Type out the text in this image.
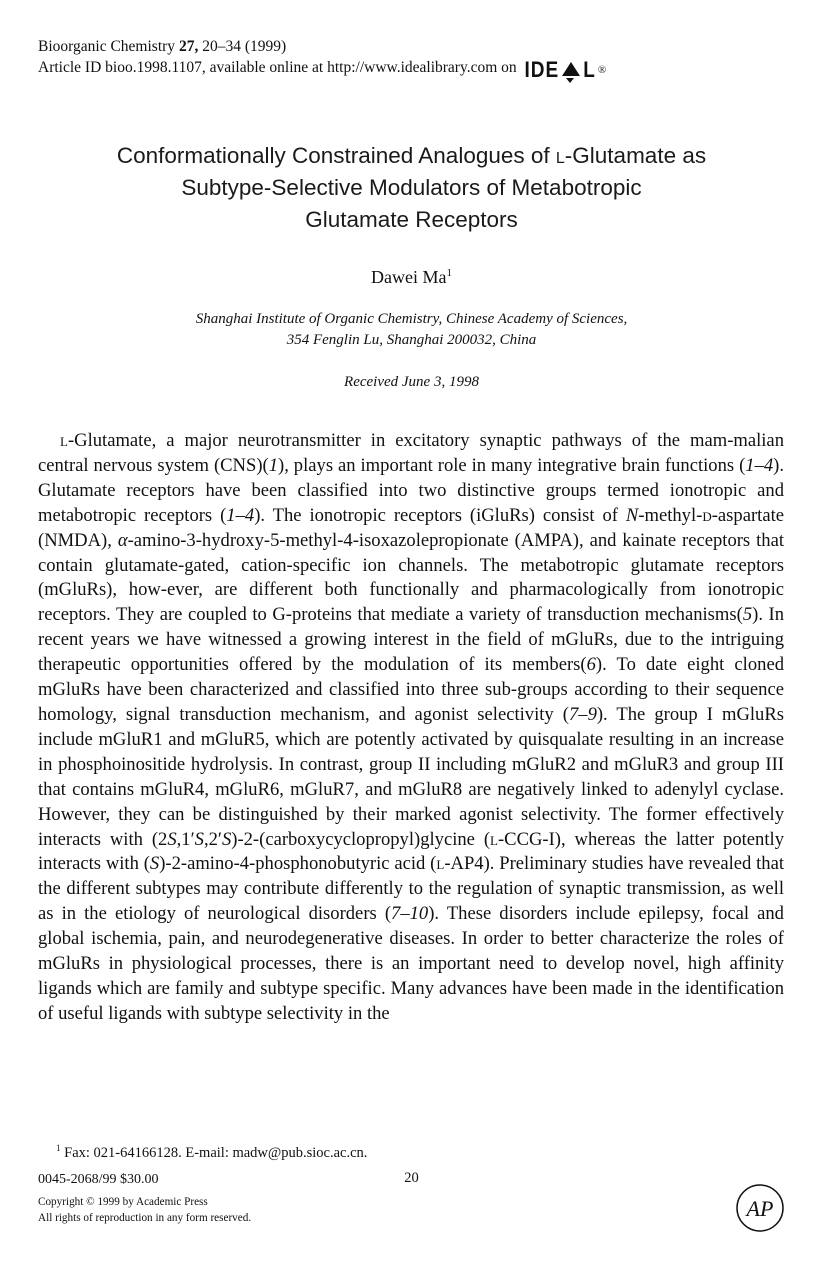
Bioorganic Chemistry 27, 20–34 (1999)
Article ID bioo.1998.1107, available online at http://www.idealibrary.com on IDE L ®
Conformationally Constrained Analogues of l-Glutamate as
Subtype-Selective Modulators of Metabotropic
Glutamate Receptors
Dawei Ma$^1$
Shanghai Institute of Organic Chemistry, Chinese Academy of Sciences,
354 Fenglin Lu, Shanghai 200032, China
Received June 3, 1998

l-Glutamate, a major neurotransmitter in excitatory synaptic pathways of the mam-malian central nervous system (CNS)(1), plays an important role in many integrative brain functions (1–4). Glutamate receptors have been classified into two distinctive groups termed ionotropic and metabotropic receptors (1–4). The ionotropic receptors (iGluRs) consist of N-methyl-d-aspartate (NMDA), α-amino-3-hydroxy-5-methyl-4-isoxazolepropionate (AMPA), and kainate receptors that contain glutamate-gated, cation-specific ion channels. The metabotropic glutamate receptors (mGluRs), how-ever, are different both functionally and pharmacologically from ionotropic receptors. They are coupled to G-proteins that mediate a variety of transduction mechanisms(5). In recent years we have witnessed a growing interest in the field of mGluRs, due to the intriguing therapeutic opportunities offered by the modulation of its members(6). To date eight cloned mGluRs have been characterized and classified into three sub-groups according to their sequence homology, signal transduction mechanism, and agonist selectivity (7–9). The group I mGluRs include mGluR1 and mGluR5, which are potently activated by quisqualate resulting in an increase in phosphoinositide hydrolysis. In contrast, group II including mGluR2 and mGluR3 and group III that contains mGluR4, mGluR6, mGluR7, and mGluR8 are negatively linked to adenylyl cyclase. However, they can be distinguished by their marked agonist selectivity. The former effectively interacts with (2S,1′S,2′S)-2-(carboxycyclopropyl)glycine (l-CCG-I), whereas the latter potently interacts with (S)-2-amino-4-phosphonobutyric acid (l-AP4). Preliminary studies have revealed that the different subtypes may contribute differently to the regulation of synaptic transmission, as well as in the etiology of neurological disorders (7–10). These disorders include epilepsy, focal and global ischemia, pain, and neurodegenerative diseases. In order to better characterize the roles of mGluRs in physiological processes, there is an important need to develop novel, high affinity ligands which are family and subtype specific. Many advances have been made in the identification of useful ligands with subtype selectivity in the

$^1$ Fax: 021-64166128. E-mail: madw@pub.sioc.ac.cn.
0045-2068/99 $30.00	20
Copyright © 1999 by Academic Press
All rights of reproduction in any form reserved.	AP
